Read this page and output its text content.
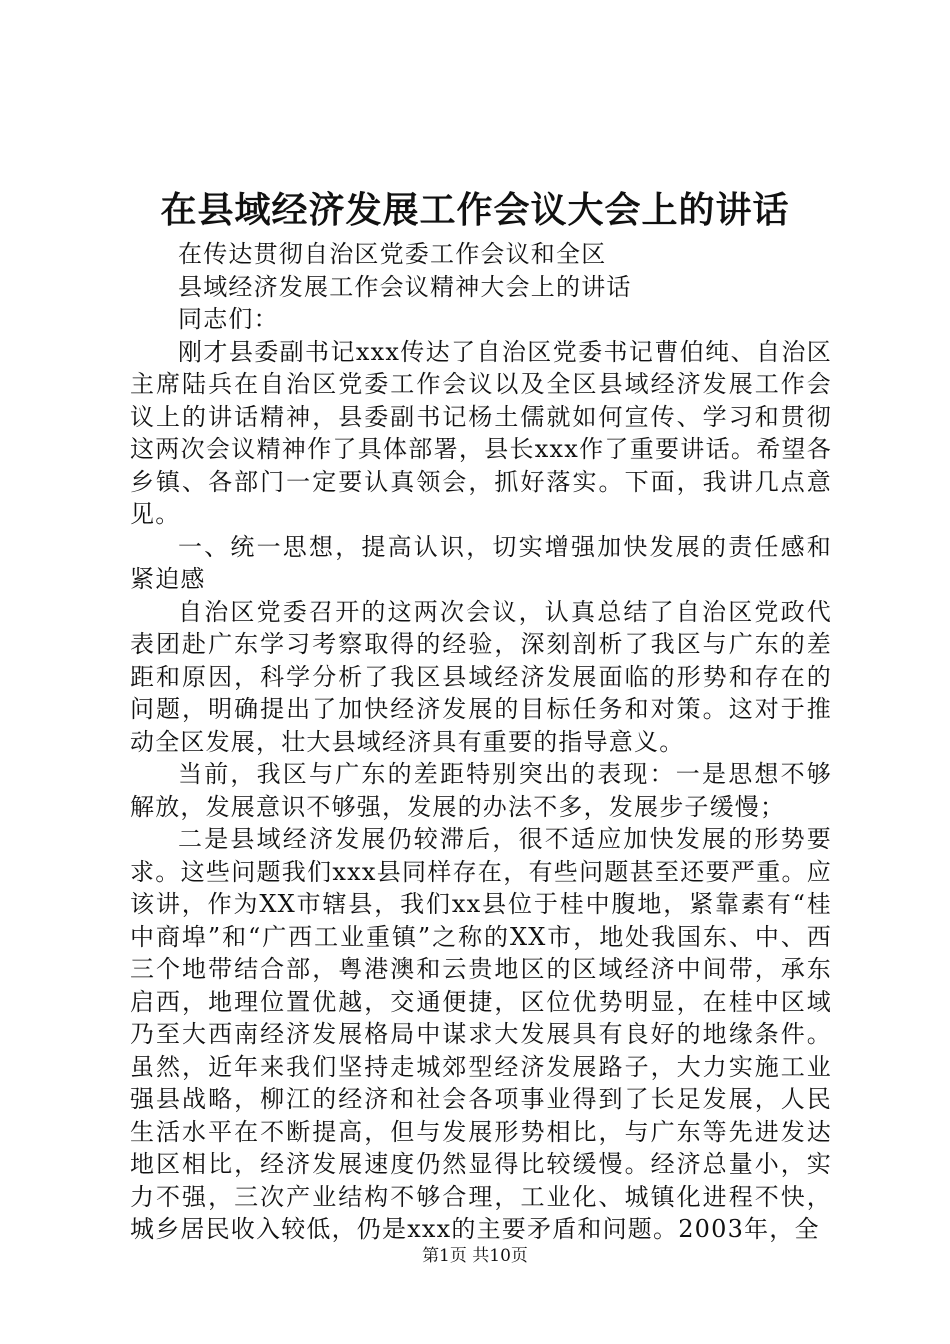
在县域经济发展工作会议大会上的讲话

在传达贯彻自治区党委工作会议和全区

县域经济发展工作会议精神大会上的讲话

同志们：

刚才县委副书记xxx传达了自治区党委书记曹伯纯、自治区主席陆兵在自治区党委工作会议以及全区县域经济发展工作会议上的讲话精神，县委副书记杨土儒就如何宣传、学习和贯彻这两次会议精神作了具体部署，县长xxx作了重要讲话。希望各乡镇、各部门一定要认真领会，抓好落实。下面，我讲几点意见。

一、统一思想，提高认识，切实增强加快发展的责任感和紧迫感

自治区党委召开的这两次会议，认真总结了自治区党政代表团赴广东学习考察取得的经验，深刻剖析了我区与广东的差距和原因，科学分析了我区县域经济发展面临的形势和存在的问题，明确提出了加快经济发展的目标任务和对策。这对于推动全区发展，壮大县域经济具有重要的指导意义。

当前，我区与广东的差距特别突出的表现：一是思想不够解放，发展意识不够强，发展的办法不多，发展步子缓慢；

二是县域经济发展仍较滞后，很不适应加快发展的形势要求。这些问题我们xxx县同样存在，有些问题甚至还要严重。应该讲，作为XX市辖县，我们xx县位于桂中腹地，紧靠素有“桂中商埠”和“广西工业重镇”之称的XX市，地处我国东、中、西三个地带结合部，粤港澳和云贵地区的区域经济中间带，承东启西，地理位置优越，交通便捷，区位优势明显，在桂中区域乃至大西南经济发展格局中谋求大发展具有良好的地缘条件。虽然，近年来我们坚持走城郊型经济发展路子，大力实施工业强县战略，柳江的经济和社会各项事业得到了长足发展，人民生活水平在不断提高，但与发展形势相比，与广东等先进发达地区相比，经济发展速度仍然显得比较缓慢。经济总量小，实力不强，三次产业结构不够合理，工业化、城镇化进程不快，城乡居民收入较低，仍是xxx的主要矛盾和问题。2003年，全

第1页 共10页
